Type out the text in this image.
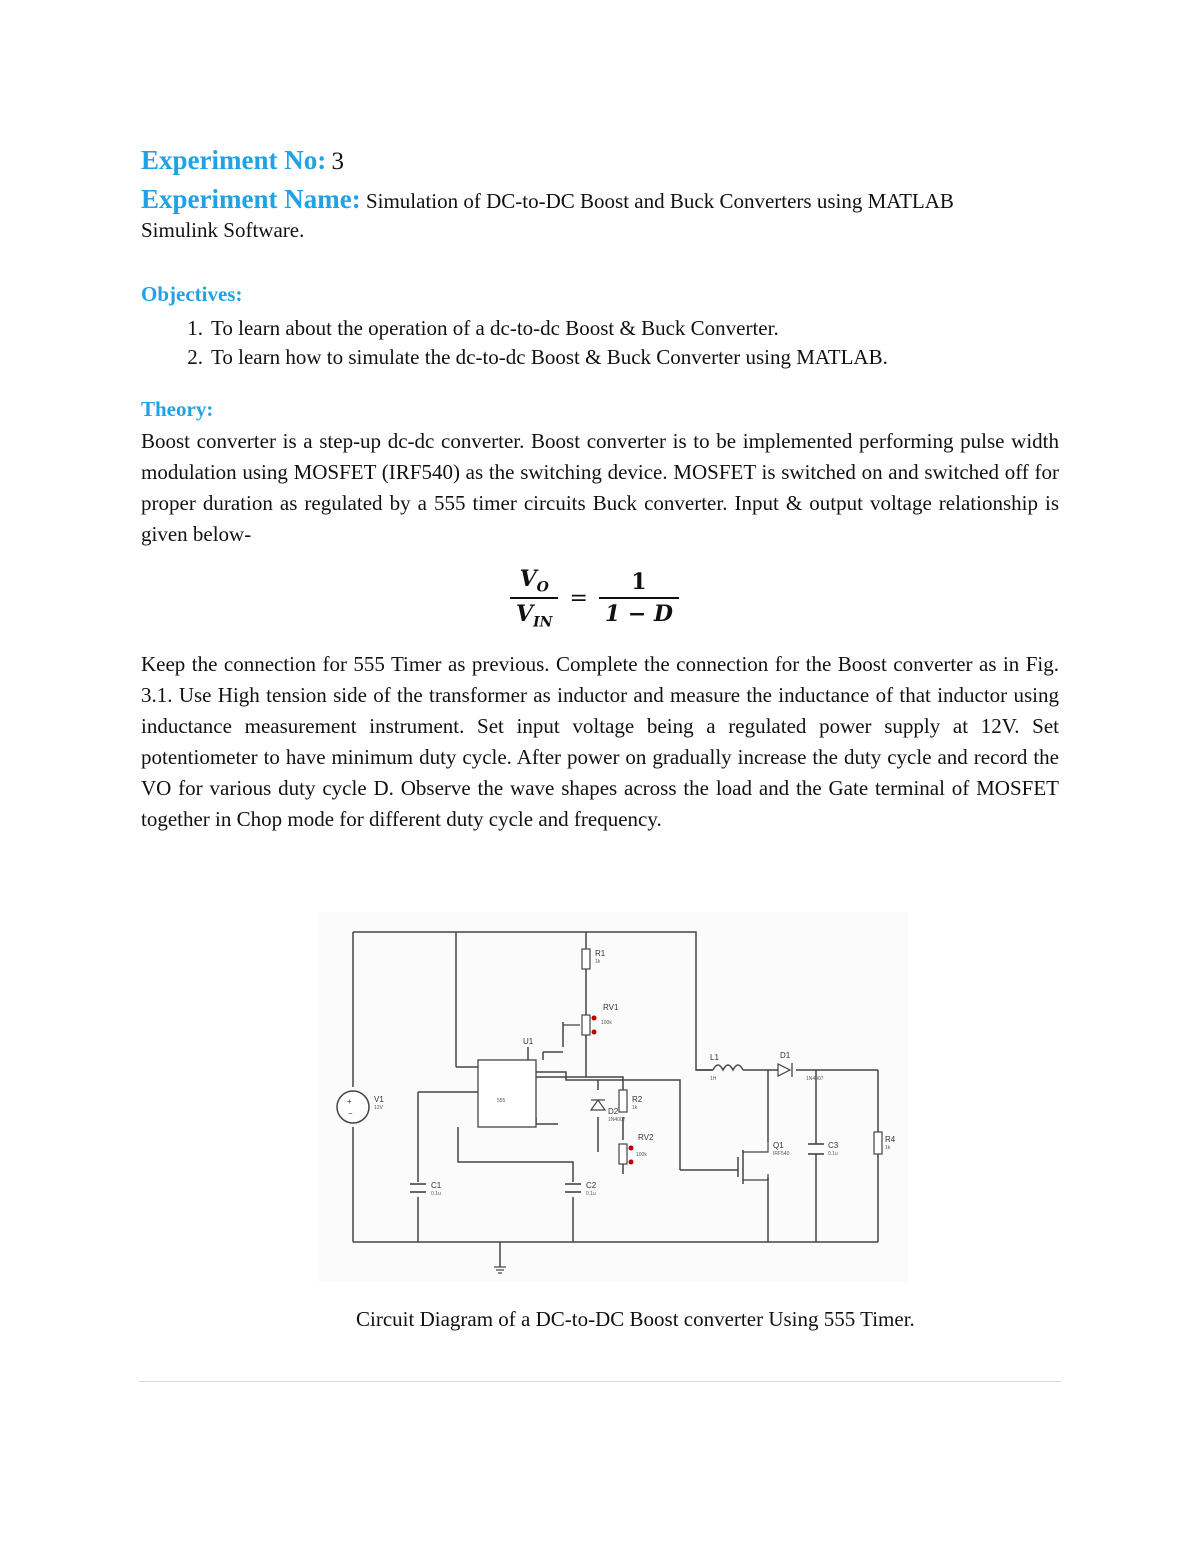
Experiment No: 3
Experiment Name: Simulation of DC-to-DC Boost and Buck Converters using MATLAB
Simulink Software.
Objectives:
1. To learn about the operation of a dc-to-dc Boost & Buck Converter.
2. To learn how to simulate the dc-to-dc Boost & Buck Converter using MATLAB.
Theory:

Boost converter is a step-up dc-dc converter. Boost converter is to be implemented performing pulse width modulation using MOSFET (IRF540) as the switching device. MOSFET is switched on and switched off for proper duration as regulated by a 555 timer circuits Buck converter. Input & output voltage relationship is given below-

$\frac{V_O}{V_{IN}} = \frac{1}{1 - D}$

Keep the connection for 555 Timer as previous. Complete the connection for the Boost converter as in Fig. 3.1. Use High tension side of the transformer as inductor and measure the inductance of that inductor using inductance measurement instrument. Set input voltage being a regulated power supply at 12V. Set potentiometer to have minimum duty cycle. After power on gradually increase the duty cycle and record the VO for various duty cycle D. Observe the wave shapes across the load and the Gate terminal of MOSFET together in Chop mode for different duty cycle and frequency.

+
−
V1
12V
R1
1k
RV1
100k
U1
555	R2
1k
D2
1N4007
RV2
100k
L1
1H
D1
1N4007
Q1
IRF540
C3
0.1u
R4
1k
C1
0.1u
C2
0.1u
Circuit Diagram of a DC-to-DC Boost converter Using 555 Timer.
